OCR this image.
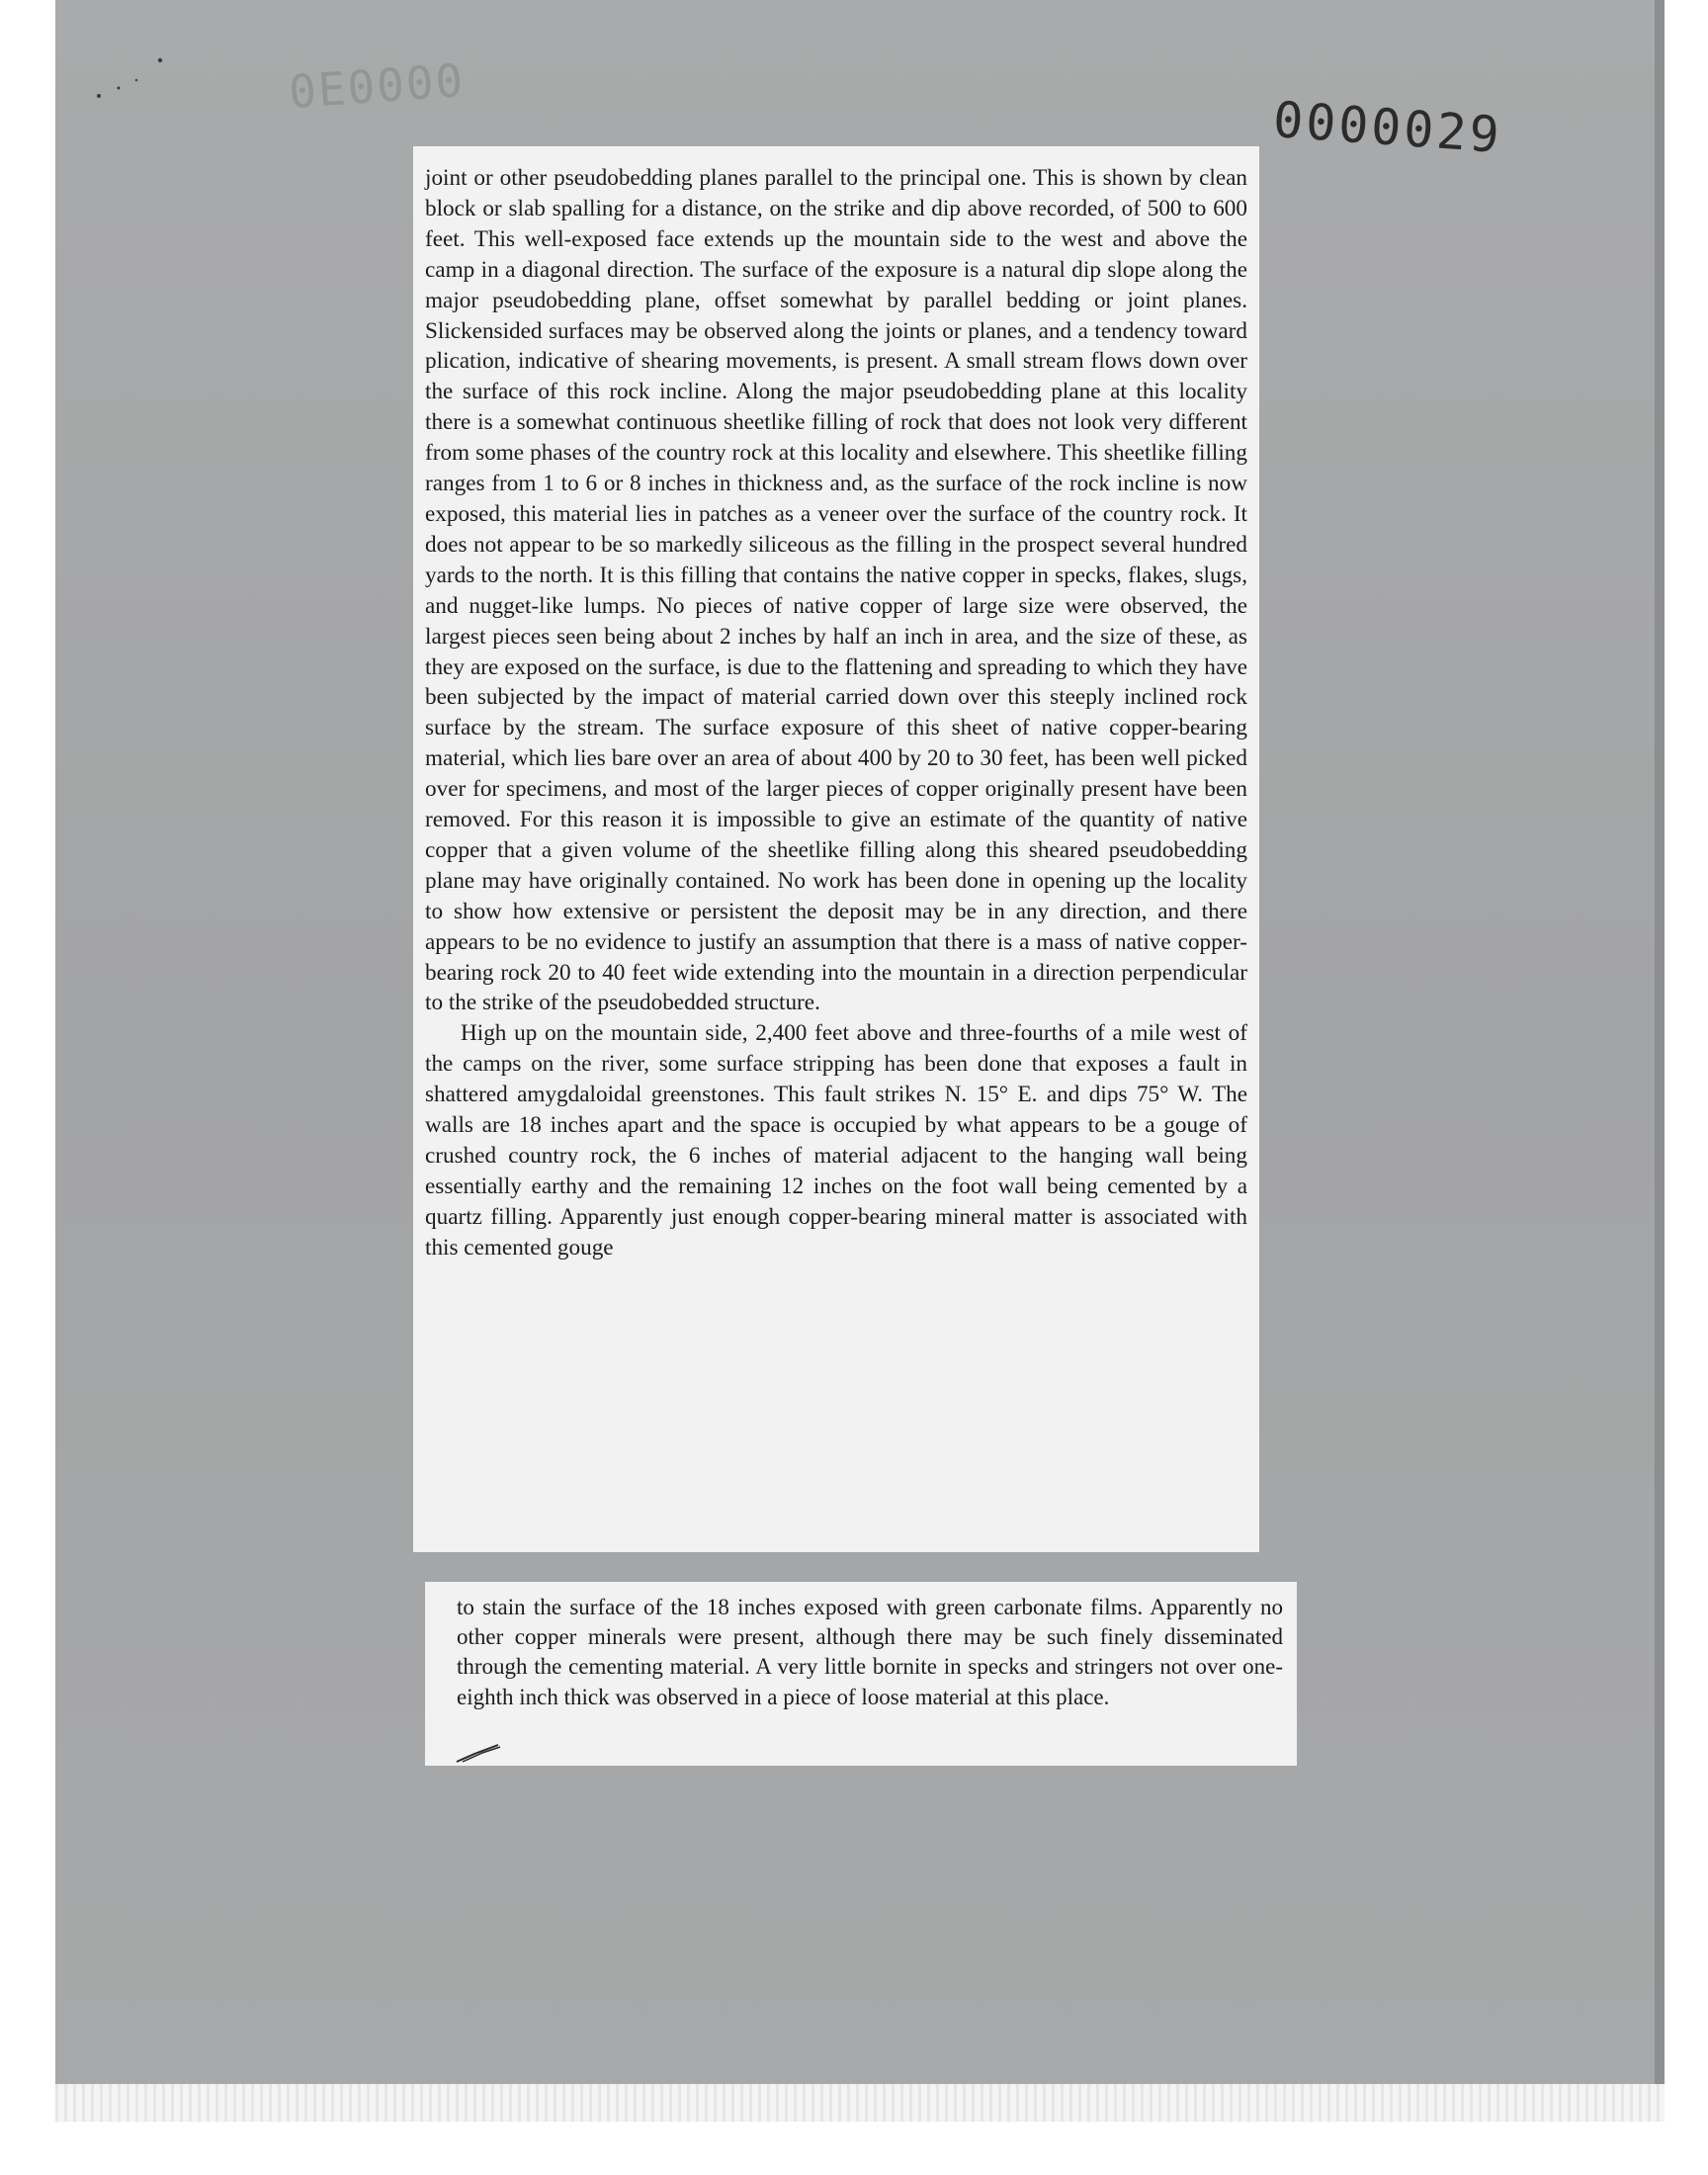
0E0000
0000029

joint or other pseudobedding planes parallel to the principal one. This is shown by clean block or slab spalling for a distance, on the strike and dip above recorded, of 500 to 600 feet. This well-exposed face extends up the mountain side to the west and above the camp in a diagonal direction. The surface of the exposure is a natural dip slope along the major pseudobedding plane, offset somewhat by parallel bedding or joint planes. Slickensided surfaces may be observed along the joints or planes, and a tendency toward plication, indicative of shearing movements, is present. A small stream flows down over the surface of this rock incline. Along the major pseudobedding plane at this locality there is a somewhat continuous sheetlike filling of rock that does not look very different from some phases of the country rock at this locality and elsewhere. This sheetlike filling ranges from 1 to 6 or 8 inches in thickness and, as the surface of the rock incline is now exposed, this material lies in patches as a veneer over the surface of the country rock. It does not appear to be so markedly siliceous as the filling in the prospect several hundred yards to the north. It is this filling that contains the native copper in specks, flakes, slugs, and nugget-like lumps. No pieces of native copper of large size were observed, the largest pieces seen being about 2 inches by half an inch in area, and the size of these, as they are exposed on the surface, is due to the flattening and spreading to which they have been subjected by the impact of material carried down over this steeply inclined rock surface by the stream. The surface exposure of this sheet of native copper-bearing material, which lies bare over an area of about 400 by 20 to 30 feet, has been well picked over for specimens, and most of the larger pieces of copper originally present have been removed. For this reason it is impossible to give an estimate of the quantity of native copper that a given volume of the sheetlike filling along this sheared pseudobedding plane may have originally contained. No work has been done in opening up the locality to show how extensive or persistent the deposit may be in any direction, and there appears to be no evidence to justify an assumption that there is a mass of native copper-bearing rock 20 to 40 feet wide extending into the mountain in a direction perpendicular to the strike of the pseudobedded structure.

High up on the mountain side, 2,400 feet above and three-fourths of a mile west of the camps on the river, some surface stripping has been done that exposes a fault in shattered amygdaloidal greenstones. This fault strikes N. 15° E. and dips 75° W. The walls are 18 inches apart and the space is occupied by what appears to be a gouge of crushed country rock, the 6 inches of material adjacent to the hanging wall being essentially earthy and the remaining 12 inches on the foot wall being cemented by a quartz filling. Apparently just enough copper-bearing mineral matter is associated with this cemented gouge

to stain the surface of the 18 inches exposed with green carbonate films. Apparently no other copper minerals were present, although there may be such finely disseminated through the cementing material. A very little bornite in specks and stringers not over one-eighth inch thick was observed in a piece of loose material at this place.
